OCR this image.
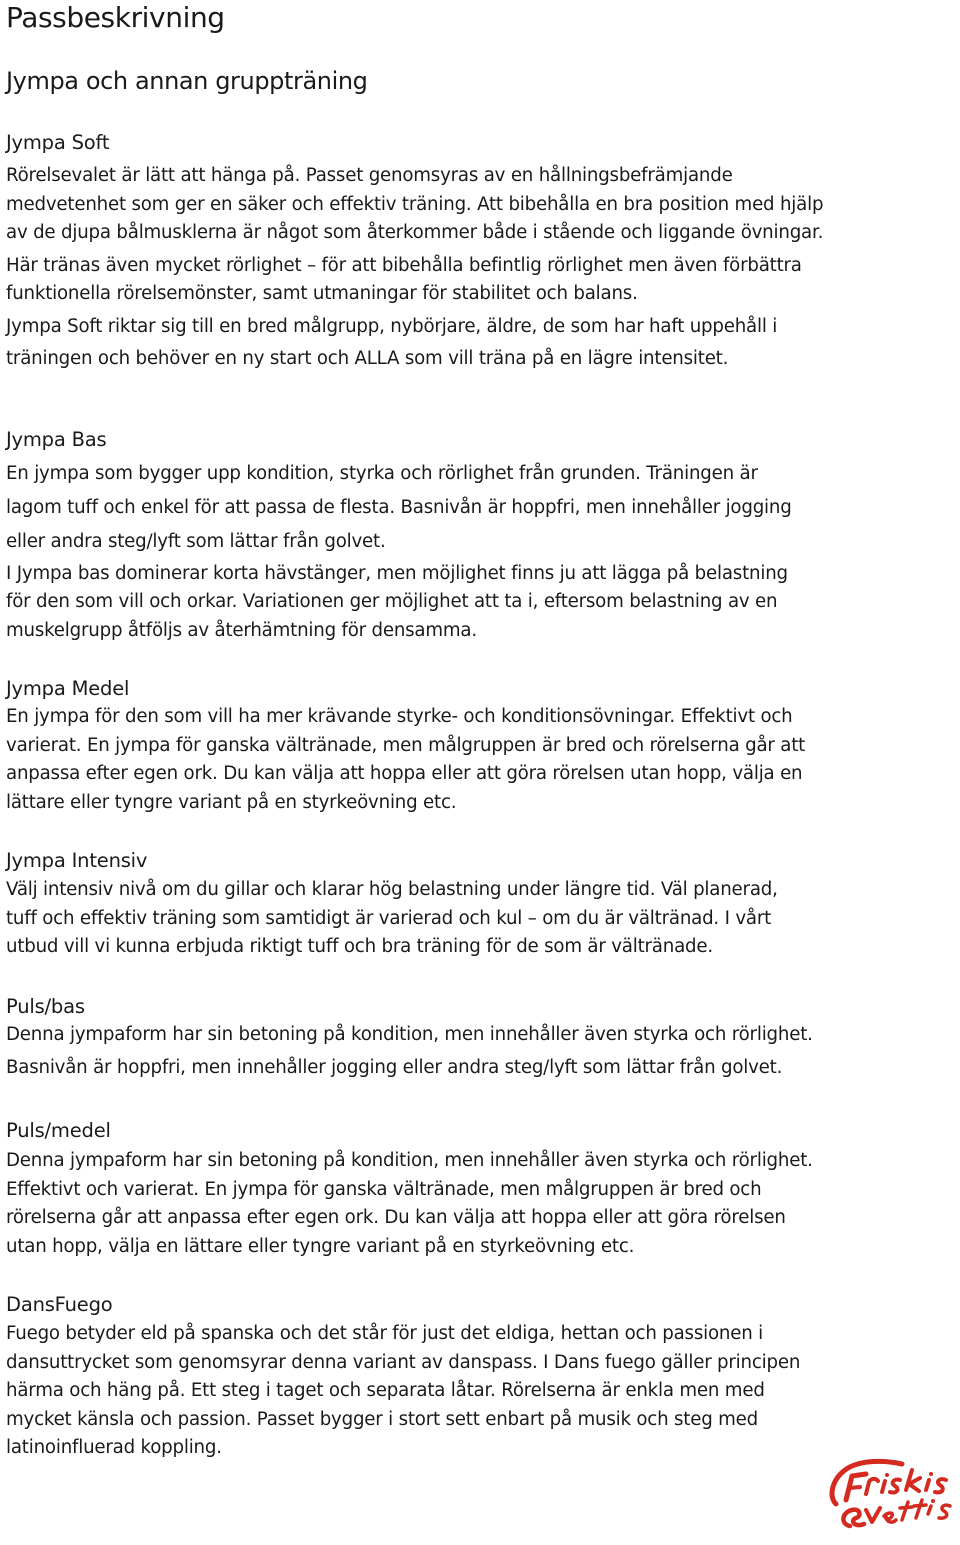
Passbeskrivning
Jympa och annan gruppträning
Jympa Soft
Rörelsevalet är lätt att hänga på. Passet genomsyras av en hållningsbefrämjande
medvetenhet som ger en säker och effektiv träning. Att bibehålla en bra position med hjälp
av de djupa bålmusklerna är något som återkommer både i stående och liggande övningar.
Här tränas även mycket rörlighet – för att bibehålla befintlig rörlighet men även förbättra
funktionella rörelsemönster, samt utmaningar för stabilitet och balans.
Jympa Soft riktar sig till en bred målgrupp, nybörjare, äldre, de som har haft uppehåll i
träningen och behöver en ny start och ALLA som vill träna på en lägre intensitet.
Jympa Bas
En jympa som bygger upp kondition, styrka och rörlighet från grunden. Träningen är
lagom tuff och enkel för att passa de flesta. Basnivån är hoppfri, men innehåller jogging
eller andra steg/lyft som lättar från golvet.
I Jympa bas dominerar korta hävstänger, men möjlighet finns ju att lägga på belastning
för den som vill och orkar. Variationen ger möjlighet att ta i, eftersom belastning av en
muskelgrupp åtföljs av återhämtning för densamma.
Jympa Medel
En jympa för den som vill ha mer krävande styrke- och konditionsövningar. Effektivt och
varierat. En jympa för ganska vältränade, men målgruppen är bred och rörelserna går att
anpassa efter egen ork. Du kan välja att hoppa eller att göra rörelsen utan hopp, välja en
lättare eller tyngre variant på en styrkeövning etc.
Jympa Intensiv
Välj intensiv nivå om du gillar och klarar hög belastning under längre tid. Väl planerad,
tuff och effektiv träning som samtidigt är varierad och kul – om du är vältränad. I vårt
utbud vill vi kunna erbjuda riktigt tuff och bra träning för de som är vältränade.
Puls/bas
Denna jympaform har sin betoning på kondition, men innehåller även styrka och rörlighet.
Basnivån är hoppfri, men innehåller jogging eller andra steg/lyft som lättar från golvet.
Puls/medel
Denna jympaform har sin betoning på kondition, men innehåller även styrka och rörlighet.
Effektivt och varierat. En jympa för ganska vältränade, men målgruppen är bred och
rörelserna går att anpassa efter egen ork. Du kan välja att hoppa eller att göra rörelsen
utan hopp, välja en lättare eller tyngre variant på en styrkeövning etc.
DansFuego
Fuego betyder eld på spanska och det står för just det eldiga, hettan och passionen i
dansuttrycket som genomsyrar denna variant av danspass. I Dans fuego gäller principen
härma och häng på. Ett steg i taget och separata låtar. Rörelserna är enkla men med
mycket känsla och passion. Passet bygger i stort sett enbart på musik och steg med
latinoinfluerad koppling.
